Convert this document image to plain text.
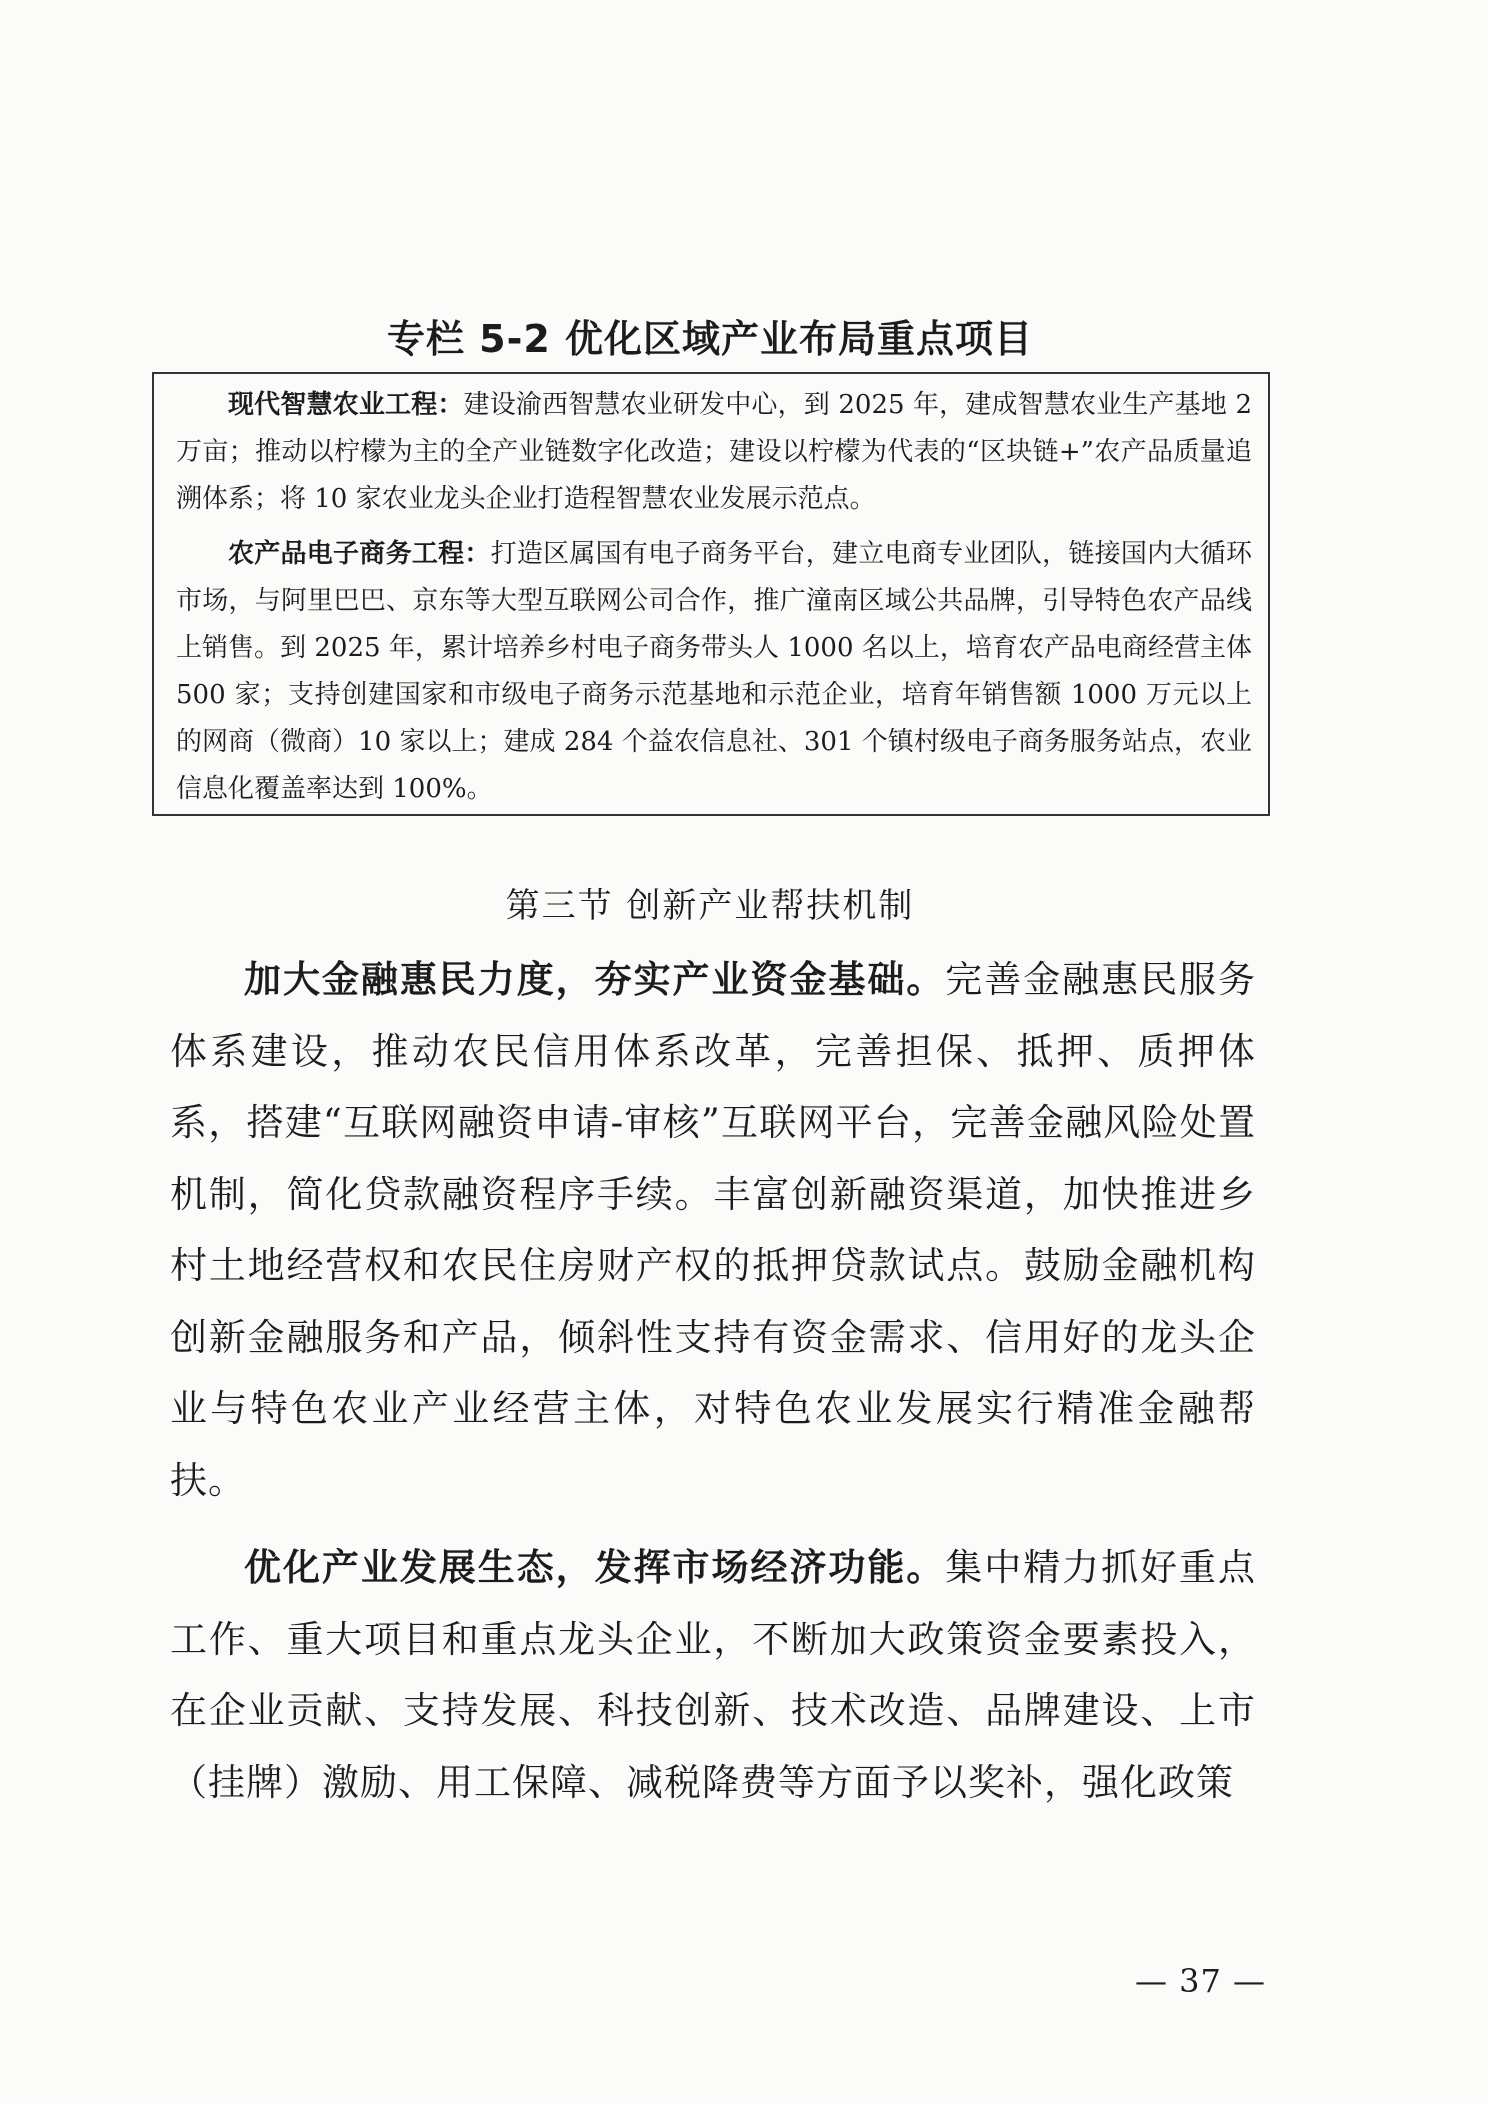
专栏 5-2 优化区域产业布局重点项目

现代智慧农业工程：建设渝西智慧农业研发中心，到 2025 年，建成智慧农业生产基地 2 万亩；推动以柠檬为主的全产业链数字化改造；建设以柠檬为代表的“区块链+”农产品质量追溯体系；将 10 家农业龙头企业打造程智慧农业发展示范点。

农产品电子商务工程：打造区属国有电子商务平台，建立电商专业团队，链接国内大循环市场，与阿里巴巴、京东等大型互联网公司合作，推广潼南区域公共品牌，引导特色农产品线上销售。到 2025 年，累计培养乡村电子商务带头人 1000 名以上，培育农产品电商经营主体 500 家；支持创建国家和市级电子商务示范基地和示范企业，培育年销售额 1000 万元以上的网商（微商）10 家以上；建成 284 个益农信息社、301 个镇村级电子商务服务站点，农业信息化覆盖率达到 100%。

第三节 创新产业帮扶机制

加大金融惠民力度，夯实产业资金基础。完善金融惠民服务体系建设，推动农民信用体系改革，完善担保、抵押、质押体系，搭建“互联网融资申请-审核”互联网平台，完善金融风险处置机制，简化贷款融资程序手续。丰富创新融资渠道，加快推进乡村土地经营权和农民住房财产权的抵押贷款试点。鼓励金融机构创新金融服务和产品，倾斜性支持有资金需求、信用好的龙头企业与特色农业产业经营主体，对特色农业发展实行精准金融帮扶。

优化产业发展生态，发挥市场经济功能。集中精力抓好重点工作、重大项目和重点龙头企业，不断加大政策资金要素投入，在企业贡献、支持发展、科技创新、技术改造、品牌建设、上市（挂牌）激励、用工保障、减税降费等方面予以奖补，强化政策

— 37 —
